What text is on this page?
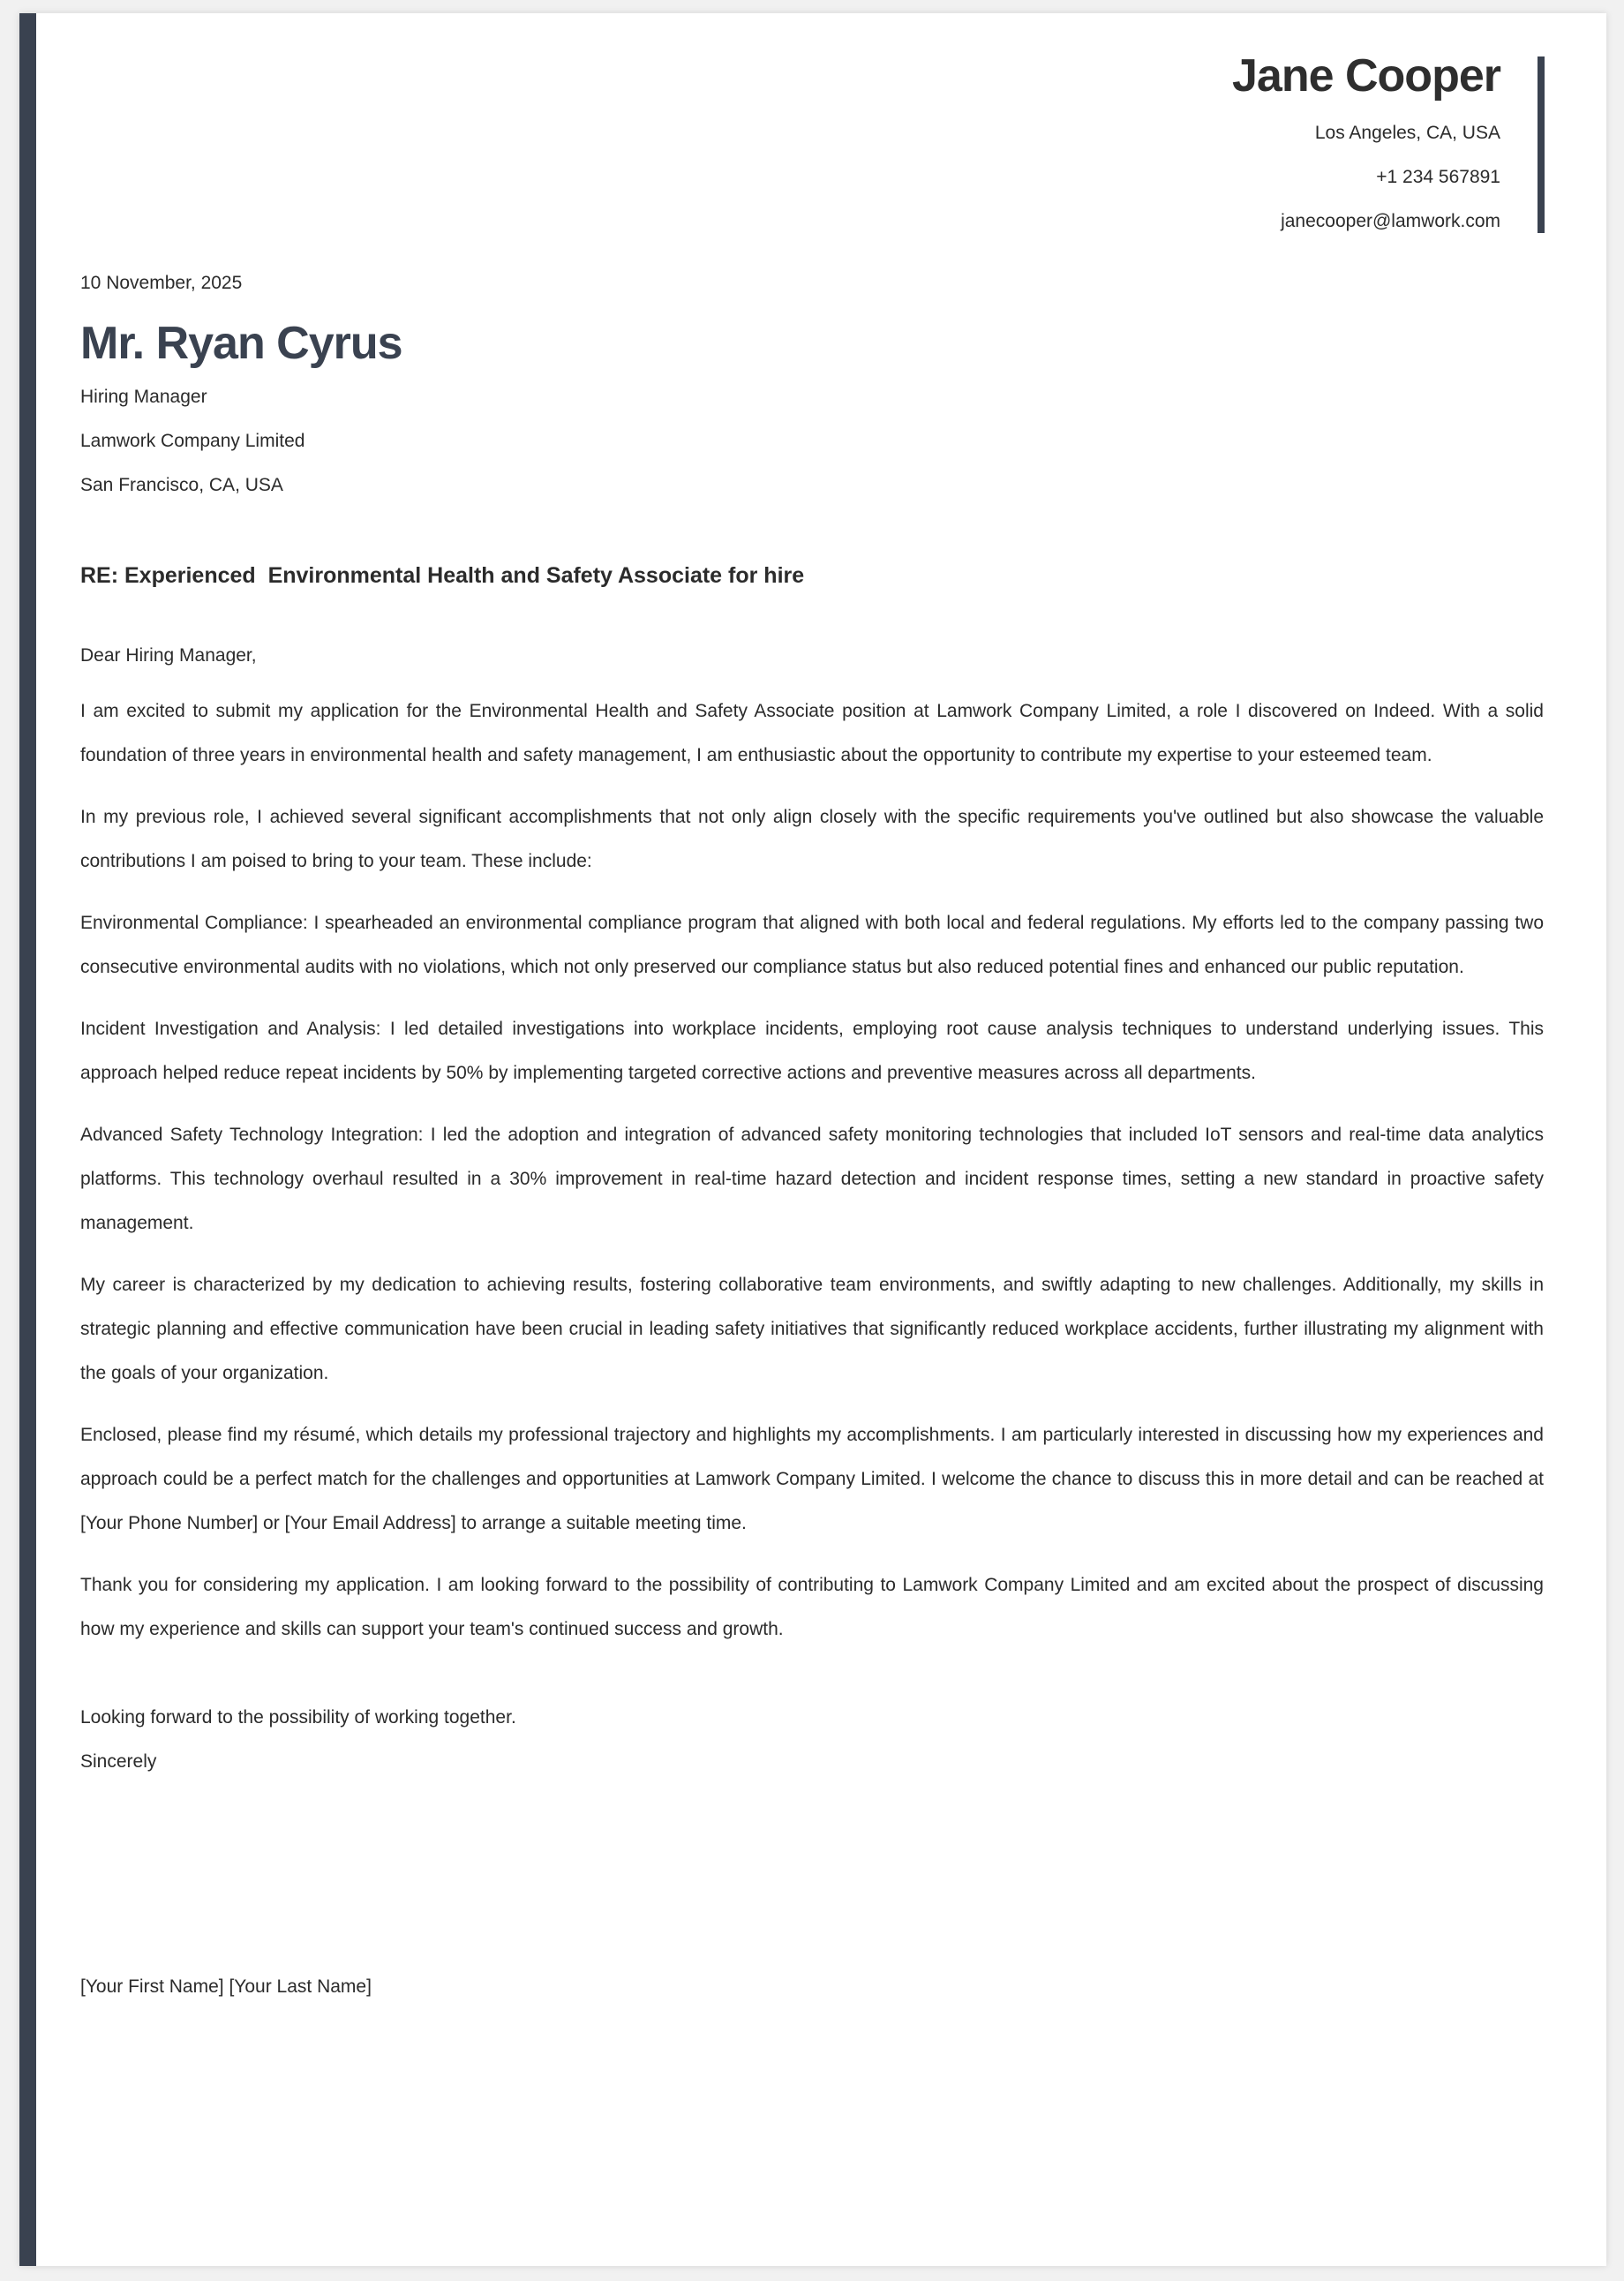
Jane Cooper
Los Angeles, CA, USA
+1 234 567891
janecooper@lamwork.com
10 November, 2025
Mr. Ryan Cyrus
Hiring Manager
Lamwork Company Limited
San Francisco, CA, USA
RE: Experienced  Environmental Health and Safety Associate for hire
Dear Hiring Manager,

I am excited to submit my application for the Environmental Health and Safety Associate position at Lamwork Company Limited, a role I discovered on Indeed. With a solid foundation of three years in environmental health and safety management, I am enthusiastic about the opportunity to contribute my expertise to your esteemed team.

In my previous role, I achieved several significant accomplishments that not only align closely with the specific requirements you've outlined but also showcase the valuable contributions I am poised to bring to your team. These include:

Environmental Compliance: I spearheaded an environmental compliance program that aligned with both local and federal regulations. My efforts led to the company passing two consecutive environmental audits with no violations, which not only preserved our compliance status but also reduced potential fines and enhanced our public reputation.

Incident Investigation and Analysis: I led detailed investigations into workplace incidents, employing root cause analysis techniques to understand underlying issues. This approach helped reduce repeat incidents by 50% by implementing targeted corrective actions and preventive measures across all departments.

Advanced Safety Technology Integration: I led the adoption and integration of advanced safety monitoring technologies that included IoT sensors and real-time data analytics platforms. This technology overhaul resulted in a 30% improvement in real-time hazard detection and incident response times, setting a new standard in proactive safety management.

My career is characterized by my dedication to achieving results, fostering collaborative team environments, and swiftly adapting to new challenges. Additionally, my skills in strategic planning and effective communication have been crucial in leading safety initiatives that significantly reduced workplace accidents, further illustrating my alignment with the goals of your organization.

Enclosed, please find my résumé, which details my professional trajectory and highlights my accomplishments. I am particularly interested in discussing how my experiences and approach could be a perfect match for the challenges and opportunities at Lamwork Company Limited. I welcome the chance to discuss this in more detail and can be reached at [Your Phone Number] or [Your Email Address] to arrange a suitable meeting time.

Thank you for considering my application. I am looking forward to the possibility of contributing to Lamwork Company Limited and am excited about the prospect of discussing how my experience and skills can support your team's continued success and growth.

Looking forward to the possibility of working together.
Sincerely
[Your First Name] [Your Last Name]
